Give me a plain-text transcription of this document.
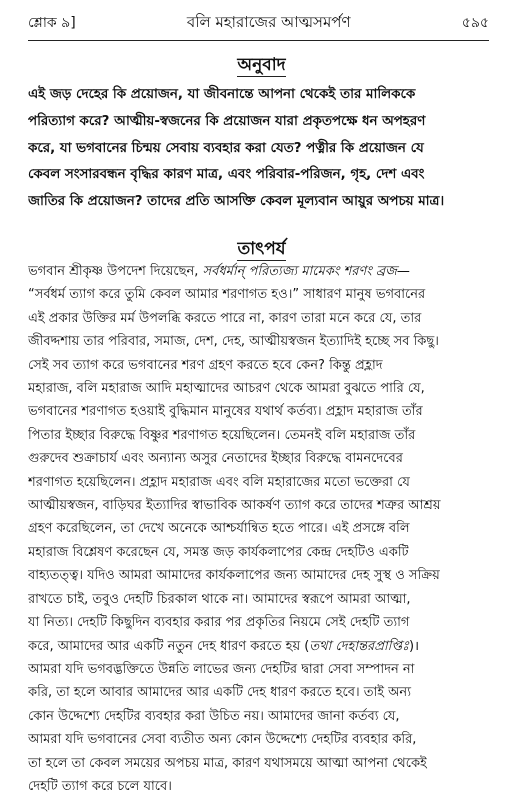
শ্লোক ৯]	বলি মহারাজের আত্মসমর্পণ	৫৯৫
অনুবাদ
এই জড় দেহের কি প্রয়োজন, যা জীবনান্তে আপনা থেকেই তার মালিককে
পরিত্যাগ করে? আত্মীয়-স্বজনের কি প্রয়োজন যারা প্রকৃতপক্ষে ধন অপহরণ
করে, যা ভগবানের চিন্ময় সেবায় ব্যবহার করা যেত? পত্নীর কি প্রয়োজন যে
কেবল সংসারবন্ধন বৃদ্ধির কারণ মাত্র, এবং পরিবার-পরিজন, গৃহ, দেশ এবং
জাতির কি প্রয়োজন? তাদের প্রতি আসক্তি কেবল মূল্যবান আয়ুর অপচয় মাত্র।
তাৎপর্য
ভগবান শ্রীকৃষ্ণ উপদেশ দিয়েছেন, সর্বধর্মান্ পরিত্যজ্য মামেকং শরণং ব্রজ—
“সর্বধর্ম ত্যাগ করে তুমি কেবল আমার শরণাগত হও।” সাধারণ মানুষ ভগবানের
এই প্রকার উক্তির মর্ম উপলব্ধি করতে পারে না, কারণ তারা মনে করে যে, তার
জীবদ্দশায় তার পরিবার, সমাজ, দেশ, দেহ, আত্মীয়স্বজন ইত্যাদিই হচ্ছে সব কিছু।
সেই সব ত্যাগ করে ভগবানের শরণ গ্রহণ করতে হবে কেন? কিন্তু প্রহ্লাদ
মহারাজ, বলি মহারাজ আদি মহাত্মাদের আচরণ থেকে আমরা বুঝতে পারি যে,
ভগবানের শরণাগত হওয়াই বুদ্ধিমান মানুষের যথার্থ কর্তব্য। প্রহ্লাদ মহারাজ তাঁর
পিতার ইচ্ছার বিরুদ্ধে বিষ্ণুর শরণাগত হয়েছিলেন। তেমনই বলি মহারাজ তাঁর
গুরুদেব শুক্রাচার্য এবং অন্যান্য অসুর নেতাদের ইচ্ছার বিরুদ্ধে বামনদেবের
শরণাগত হয়েছিলেন। প্রহ্লাদ মহারাজ এবং বলি মহারাজের মতো ভক্তেরা যে
আত্মীয়স্বজন, বাড়িঘর ইত্যাদির স্বাভাবিক আকর্ষণ ত্যাগ করে তাদের শত্রুর আশ্রয়
গ্রহণ করেছিলেন, তা দেখে অনেকে আশ্চর্যান্বিত হতে পারে। এই প্রসঙ্গে বলি
মহারাজ বিশ্লেষণ করেছেন যে, সমস্ত জড় কার্যকলাপের কেন্দ্র দেহটিও একটি
বাহ্যতত্ত্ব। যদিও আমরা আমাদের কার্যকলাপের জন্য আমাদের দেহ সুস্থ ও সক্রিয়
রাখতে চাই, তবুও দেহটি চিরকাল থাকে না। আমাদের স্বরূপে আমরা আত্মা,
যা নিত্য। দেহটি কিছুদিন ব্যবহার করার পর প্রকৃতির নিয়মে সেই দেহটি ত্যাগ
করে, আমাদের আর একটি নতুন দেহ ধারণ করতে হয় (তথা দেহান্তরপ্রাপ্তিঃ)।
আমরা যদি ভগবদ্ভক্তিতে উন্নতি লাভের জন্য দেহটির দ্বারা সেবা সম্পাদন না
করি, তা হলে আবার আমাদের আর একটি দেহ ধারণ করতে হবে। তাই অন্য
কোন উদ্দেশ্যে দেহটির ব্যবহার করা উচিত নয়। আমাদের জানা কর্তব্য যে,
আমরা যদি ভগবানের সেবা ব্যতীত অন্য কোন উদ্দেশ্যে দেহটির ব্যবহার করি,
তা হলে তা কেবল সময়ের অপচয় মাত্র, কারণ যথাসময়ে আত্মা আপনা থেকেই
দেহটি ত্যাগ করে চলে যাবে।
